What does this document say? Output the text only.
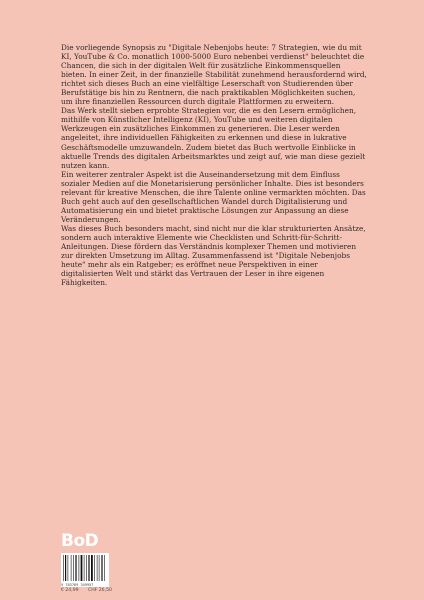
Die vorliegende Synopsis zu "Digitale Nebenjobs heute: 7 Strategien, wie du mit KI, YouTube & Co. monatlich 1000-5000 Euro nebenbei verdienst" beleuchtet die Chancen, die sich in der digitalen Welt für zusätzliche Einkommensquellen bieten. In einer Zeit, in der finanzielle Stabilität zunehmend herausfordernd wird, richtet sich dieses Buch an eine vielfältige Leserschaft von Studierenden über Berufstätige bis hin zu Rentnern, die nach praktikablen Möglichkeiten suchen, um ihre finanziellen Ressourcen durch digitale Plattformen zu erweitern.

Das Werk stellt sieben erprobte Strategien vor, die es den Lesern ermöglichen, mithilfe von Künstlicher Intelligenz (KI), YouTube und weiteren digitalen Werkzeugen ein zusätzliches Einkommen zu generieren. Die Leser werden angeleitet, ihre individuellen Fähigkeiten zu erkennen und diese in lukrative Geschäftsmodelle umzuwandeln. Zudem bietet das Buch wertvolle Einblicke in aktuelle Trends des digitalen Arbeitsmarktes und zeigt auf, wie man diese gezielt nutzen kann.

Ein weiterer zentraler Aspekt ist die Auseinandersetzung mit dem Einfluss sozialer Medien auf die Monetarisierung persönlicher Inhalte. Dies ist besonders relevant für kreative Menschen, die ihre Talente online vermarkten möchten. Das Buch geht auch auf den gesellschaftlichen Wandel durch Digitalisierung und Automatisierung ein und bietet praktische Lösungen zur Anpassung an diese Veränderungen.

Was dieses Buch besonders macht, sind nicht nur die klar strukturierten Ansätze, sondern auch interaktive Elemente wie Checklisten und Schritt-für-Schritt-Anleitungen. Diese fördern das Verständnis komplexer Themen und motivieren zur direkten Umsetzung im Alltag. Zusammenfassend ist "Digitale Nebenjobs heute" mehr als ein Ratgeber; es eröffnet neue Perspektiven in einer digitalisierten Welt und stärkt das Vertrauen der Leser in ihre eigenen Fähigkeiten.

BoD
9 783769 349957
€ 24,99 CHF 26,50
